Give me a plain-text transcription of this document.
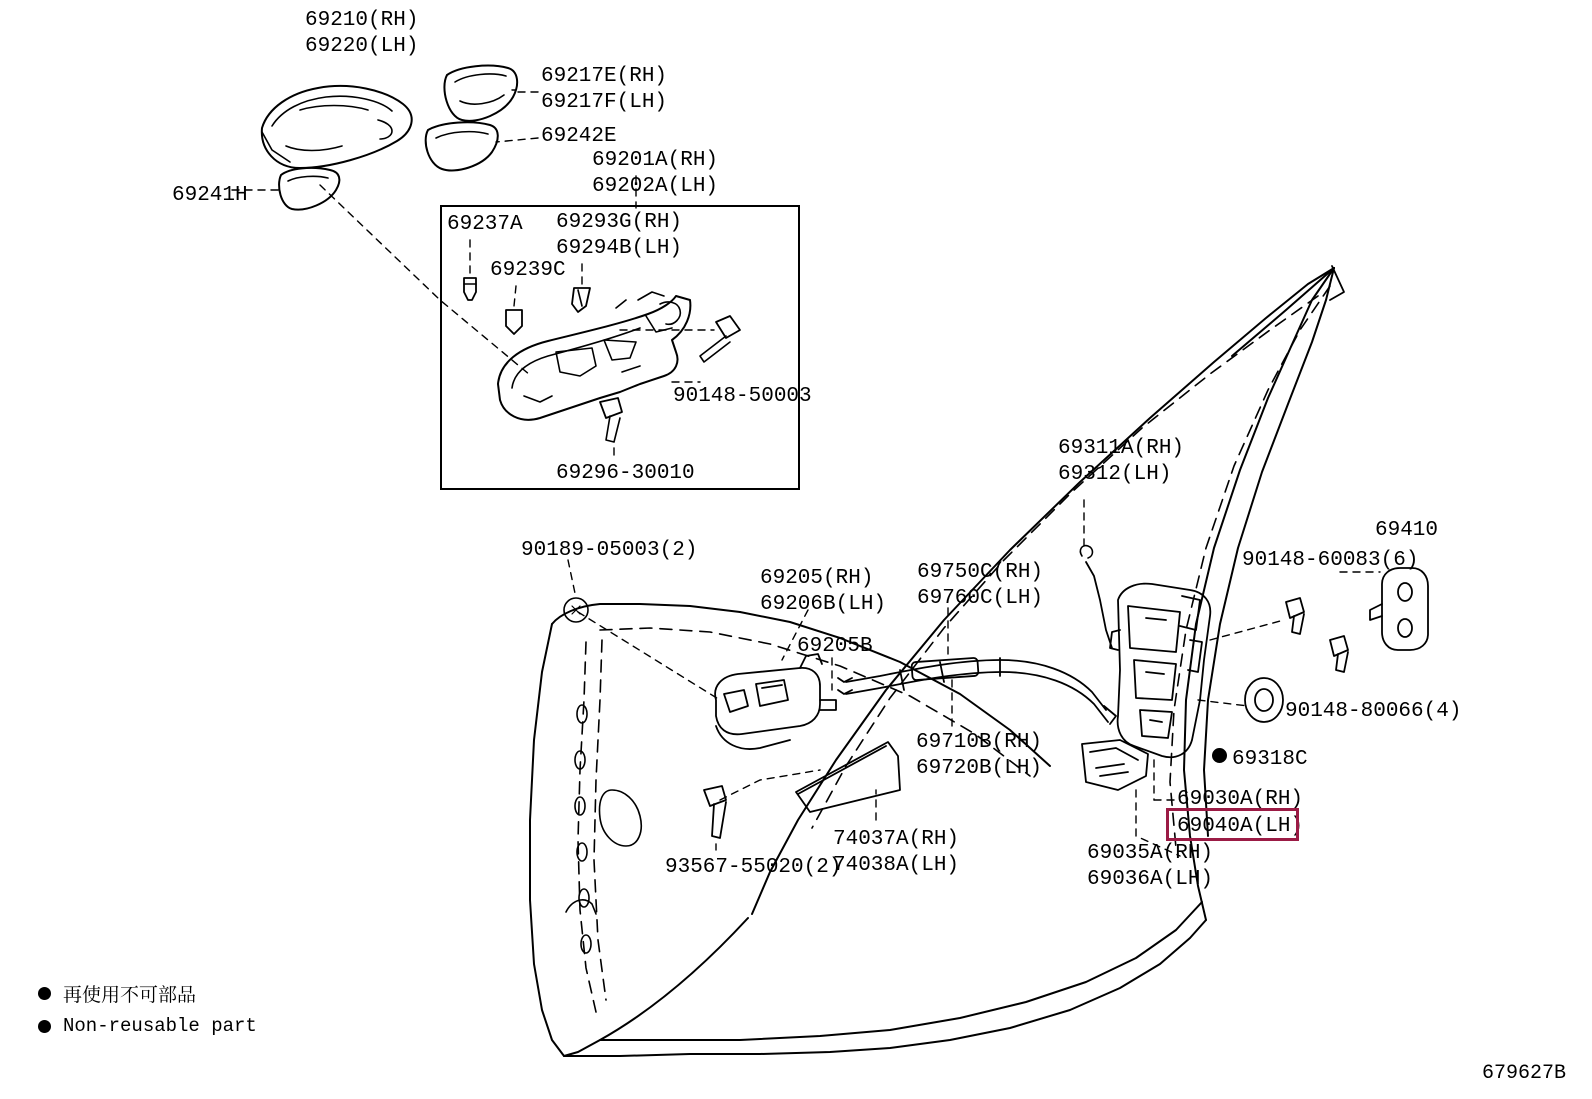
69210(RH)
69220(LH)
69217E(RH)
69217F(LH)
69242E
69201A(RH)
69202A(LH)
69241H
69237A 69293G(RH)
69294B(LH)
69239C
90148-50003
69296-30010
69311A(RH)
69312(LH)
69410
90189-05003(2)	90148-60083(6)
69750C(RH)
69760C(LH)
69205(RH)
69206B(LH)
69205B
90148-80066(4)
69710B(RH)
69720B(LH)	69318C
69030A(RH)
69040A(LH)
93567-55020(2)
74037A(RH)
74038A(LH)
69035A(RH)
69036A(LH)
再使用不可部品
Non-reusable part
679627B
